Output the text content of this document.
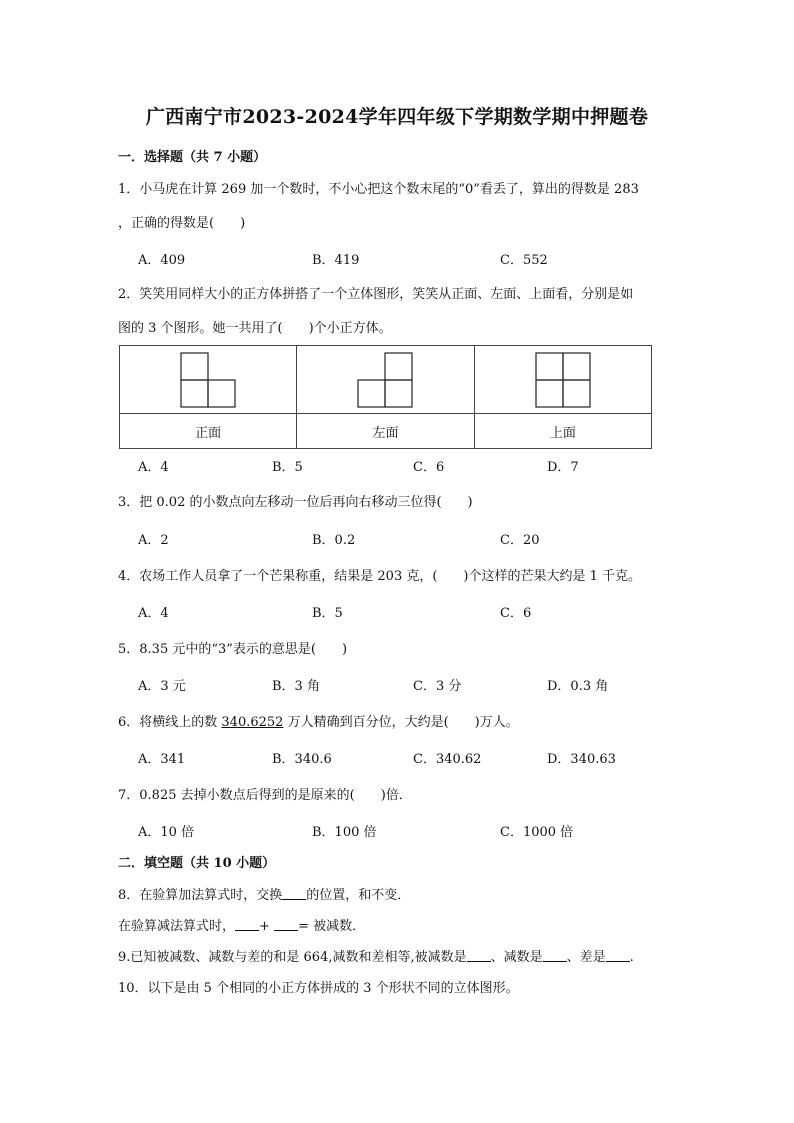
广西南宁市2023-2024学年四年级下学期数学期中押题卷
一．选择题（共 7 小题）
1．小马虎在计算 269 加一个数时，不小心把这个数末尾的“0”看丢了，算出的得数是 283
，正确的得数是(　　)
A．409	B．419	C．552
2．笑笑用同样大小的正方体拼搭了一个立体图形，笑笑从正面、左面、上面看，分别是如
图的 3 个图形。她一共用了(　　)个小正方体。

正面	左面	上面
A．4	B．5	C．6	D．7
3．把 0.02 的小数点向左移动一位后再向右移动三位得(　　)
A．2	B．0.2	C．20
4．农场工作人员拿了一个芒果称重，结果是 203 克，(　　)个这样的芒果大约是 1 千克。
A．4	B．5	C．6
5．8.35 元中的“3”表示的意思是(　　)
A．3 元	B．3 角	C．3 分	D．0.3 角
6．将横线上的数 340.6252 万人精确到百分位，大约是(　　)万人。
A．341	B．340.6	C．340.62	D．340.63
7．0.825 去掉小数点后得到的是原来的(　　)倍．
A．10 倍	B．100 倍	C．1000 倍
二．填空题（共 10 小题）
8．在验算加法算式时，交换 的位置，和不变．
在验算减法算式时， + = 被减数．
9.已知被减数、减数与差的和是 664,减数和差相等,被减数是 、减数是 、差是 .
10．以下是由 5 个相同的小正方体拼成的 3 个形状不同的立体图形。
